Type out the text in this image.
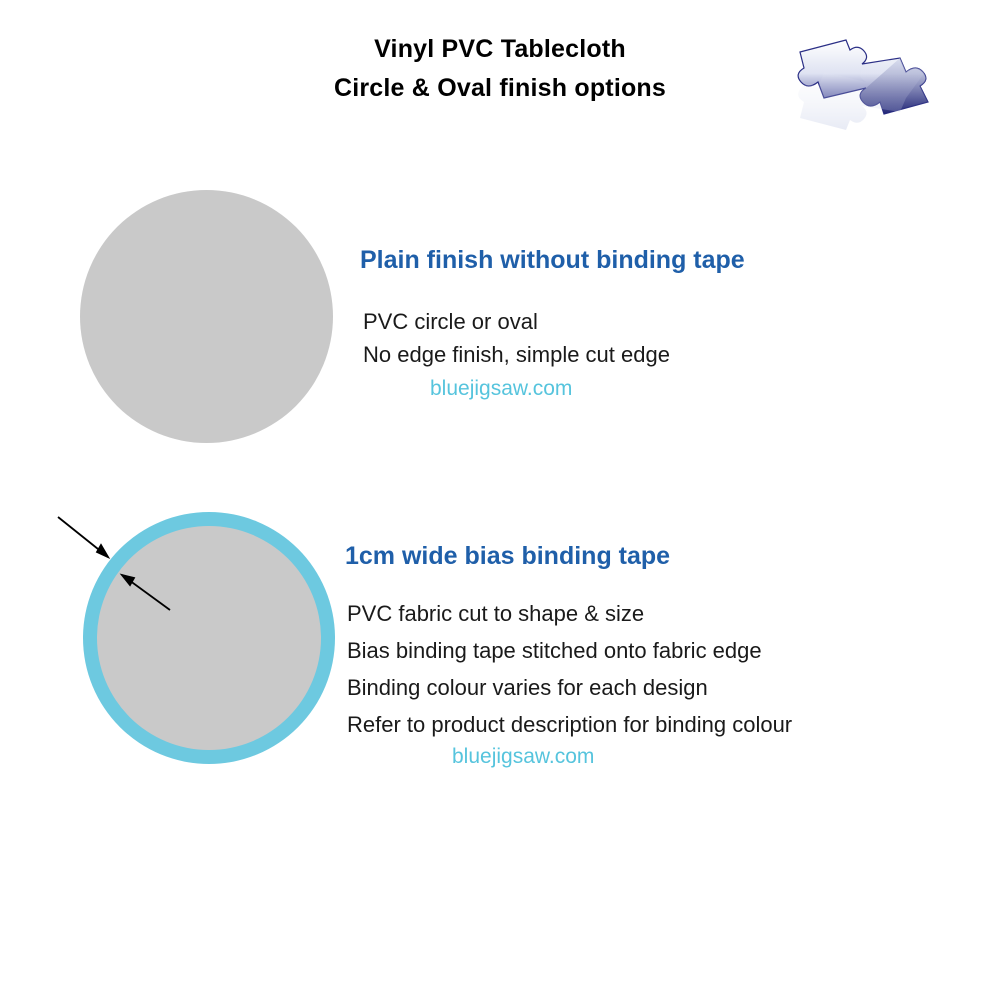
Vinyl PVC Tablecloth
Circle & Oval finish options
Plain finish without binding tape
PVC circle or oval
No edge finish, simple cut edge
bluejigsaw.com
1cm wide bias binding tape
PVC fabric cut to shape & size
Bias binding tape stitched onto fabric edge
Binding colour varies for each design
Refer to product description for binding colour
bluejigsaw.com
